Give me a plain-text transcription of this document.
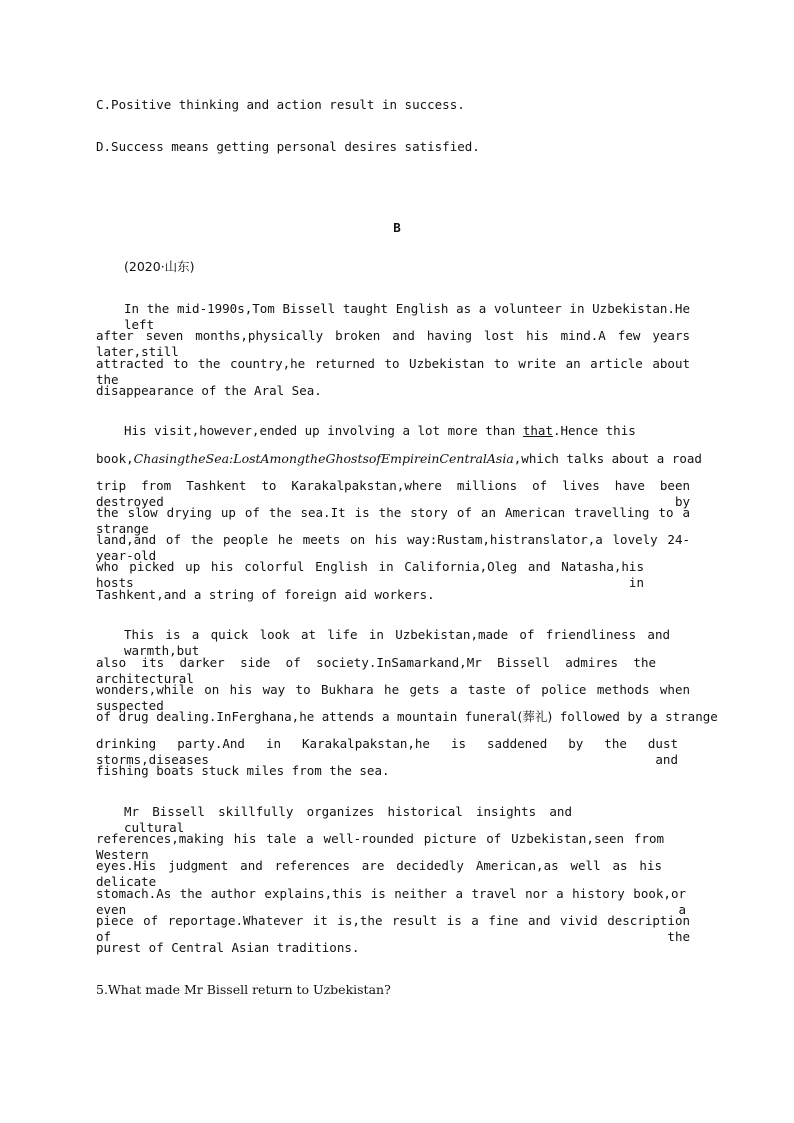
C.Positive thinking and action result in success.
D.Success means getting personal desires satisfied.
B
(2020·山东)
In the mid-1990s,Tom Bissell taught English as a volunteer in Uzbekistan.He left
after seven months,physically broken and having lost his mind.A few years later,still
attracted to the country,he returned to Uzbekistan to write an article about the
disappearance of the Aral Sea.
His visit,however,ended up involving a lot more than that.Hence this
book,ChasingtheSea:LostAmongtheGhostsofEmpireinCentralAsia,which talks about a road
trip from Tashkent to Karakalpakstan,where millions of lives have been destroyed by
the slow drying up of the sea.It is the story of an American travelling to a strange
land,and of the people he meets on his way:Rustam,histranslator,a lovely 24-year-old
who picked up his colorful English in California,Oleg and Natasha,his hosts in
Tashkent,and a string of foreign aid workers.
This is a quick look at life in Uzbekistan,made of friendliness and warmth,but
also its darker side of society.InSamarkand,Mr Bissell admires the architectural
wonders,while on his way to Bukhara he gets a taste of police methods when suspected
of drug dealing.InFerghana,he attends a mountain funeral(葬礼) followed by a strange
drinking party.And in Karakalpakstan,he is saddened by the dust storms,diseases and
fishing boats stuck miles from the sea.
Mr Bissell skillfully organizes historical insights and cultural
references,making his tale a well-rounded picture of Uzbekistan,seen from Western
eyes.His judgment and references are decidedly American,as well as his delicate
stomach.As the author explains,this is neither a travel nor a history book,or even a
piece of reportage.Whatever it is,the result is a fine and vivid description of the
purest of Central Asian traditions.
5.What made Mr Bissell return to Uzbekistan?
